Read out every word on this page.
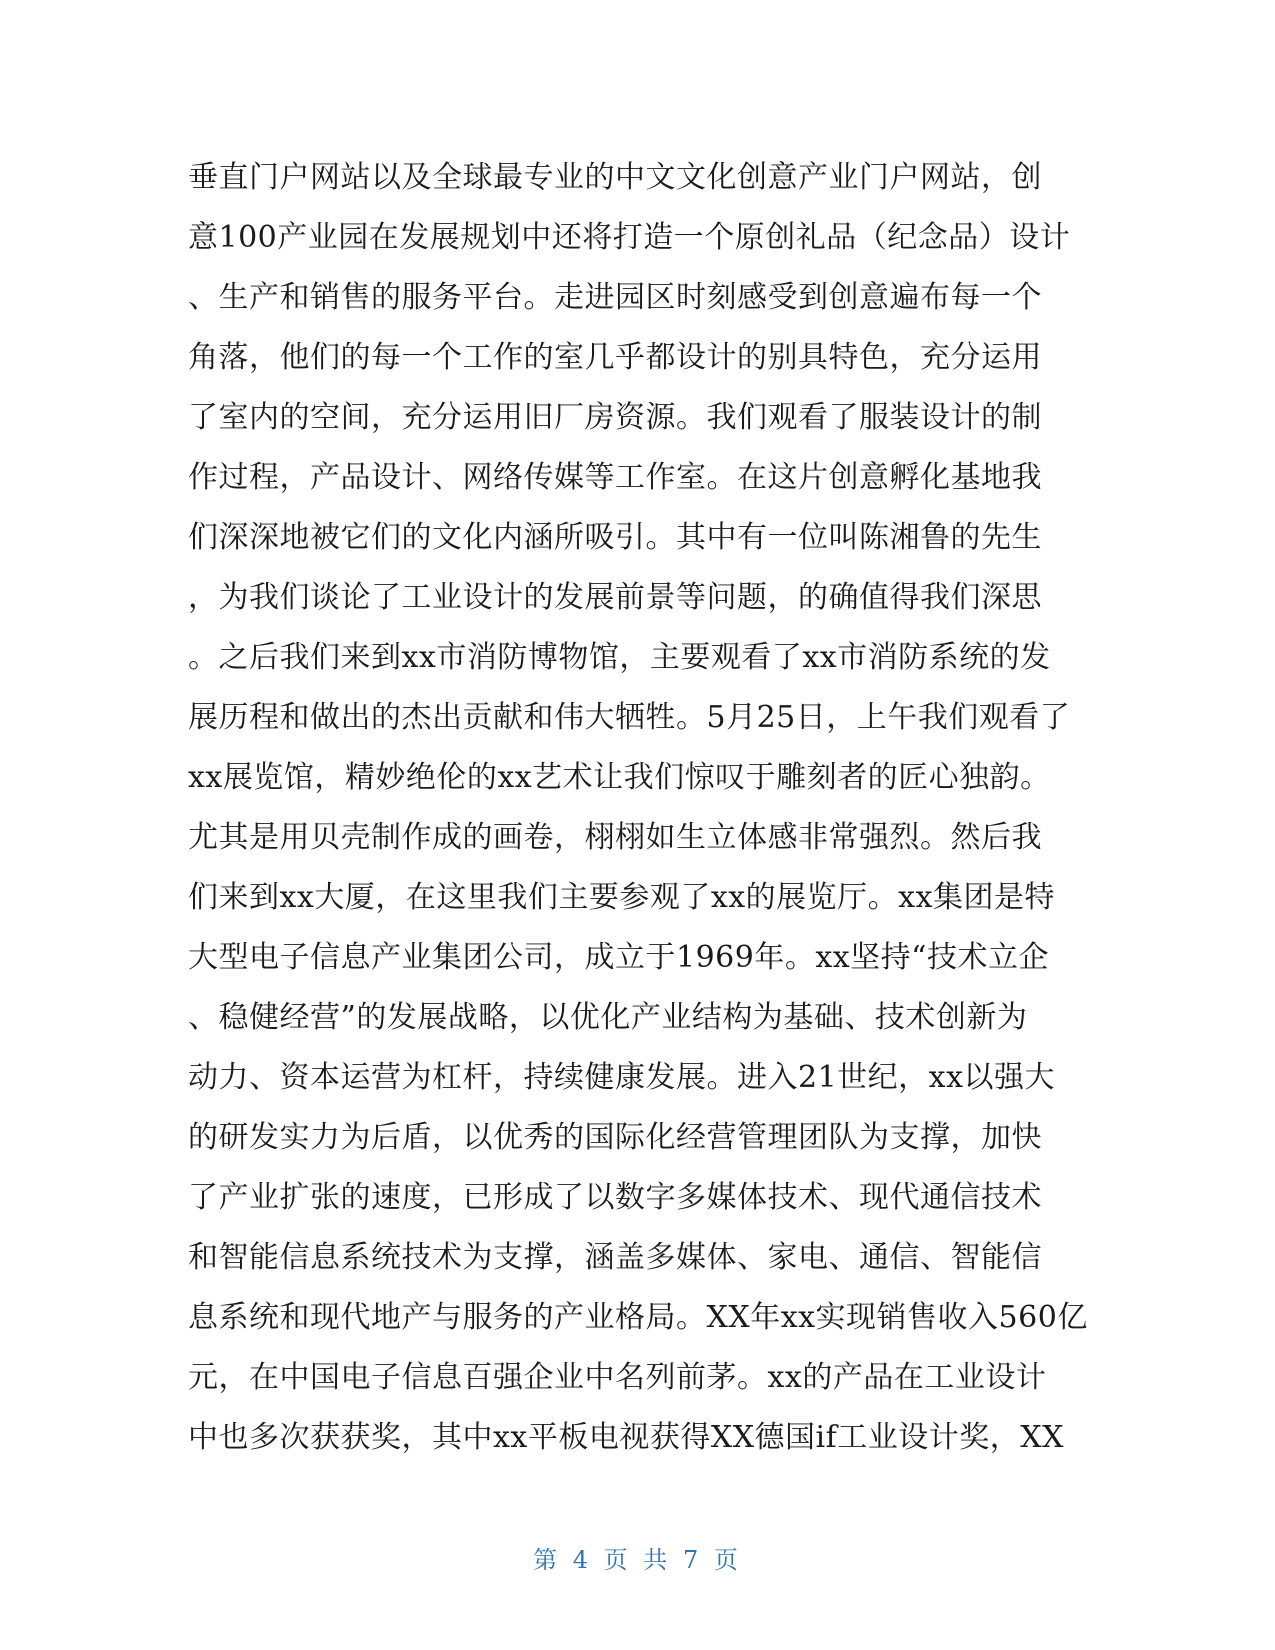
垂直门户网站以及全球最专业的中文文化创意产业门户网站，创
意100产业园在发展规划中还将打造一个原创礼品（纪念品）设计
、生产和销售的服务平台。走进园区时刻感受到创意遍布每一个
角落，他们的每一个工作的室几乎都设计的别具特色，充分运用
了室内的空间，充分运用旧厂房资源。我们观看了服装设计的制
作过程，产品设计、网络传媒等工作室。在这片创意孵化基地我
们深深地被它们的文化内涵所吸引。其中有一位叫陈湘鲁的先生
，为我们谈论了工业设计的发展前景等问题，的确值得我们深思
。之后我们来到xx市消防博物馆，主要观看了xx市消防系统的发
展历程和做出的杰出贡献和伟大牺牲。5月25日，上午我们观看了
xx展览馆，精妙绝伦的xx艺术让我们惊叹于雕刻者的匠心独韵。
尤其是用贝壳制作成的画卷，栩栩如生立体感非常强烈。然后我
们来到xx大厦，在这里我们主要参观了xx的展览厅。xx集团是特
大型电子信息产业集团公司，成立于1969年。xx坚持“技术立企
、稳健经营”的发展战略，以优化产业结构为基础、技术创新为
动力、资本运营为杠杆，持续健康发展。进入21世纪，xx以强大
的研发实力为后盾，以优秀的国际化经营管理团队为支撑，加快
了产业扩张的速度，已形成了以数字多媒体技术、现代通信技术
和智能信息系统技术为支撑，涵盖多媒体、家电、通信、智能信
息系统和现代地产与服务的产业格局。XX年xx实现销售收入560亿
元，在中国电子信息百强企业中名列前茅。xx的产品在工业设计
中也多次获获奖，其中xx平板电视获得XX德国if工业设计奖，XX
第 4 页 共 7 页
